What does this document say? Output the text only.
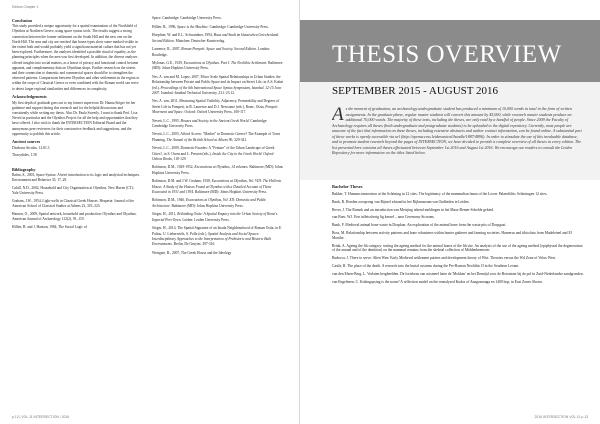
Editors Chapter 1

Conclusion

This study provided a unique opportunity for a spatial examination of the Northfield of Olynthos at Northern Greece, using space syntax tools. The results suggest a strong connection between the former settlement on the South Hill and the new one on the North Hill. The area and city are reached that house types show some marked visible in the extent both and would probably yield a significant material culture that has not yet been explored. Furthermore, the analyses identified a possible ritual of equality, as the planning principles when the area was first developed. In addition, the diverse analyses offered insights into social matters, as a house of privacy and functional control became apparent, and complementary data on Olynthian shops. Further research on the streets and their connection to domestic and commercial spaces should be to strengthen the observed patterns. Comparisons between Olynthos and other settlements in the region or within the scope of Classical Greece or even combined with the Roman world can serve to detect larger regional similarities and differences in complexity.

Acknowledgements

My first depth of gratitude goes out to my former supervisor Dr. Hanna Stöger for her guidance and support during this research and for the helpful discussions and consistently while writing my thesis. Also Dr. Paula Sweetly, I want to thank Prof. Lisa Nevett in particular and the Olynthos Project for all the help and opportunities that they have offered. I also wish to thank the INTERSECTION Editorial Board and the anonymous peer reviewers for their constructive feedback and suggestions, and the opportunity to publish this article.

Ancient sources

Diodorus Siculus, 12.81.3

Thucydides, 1.58

Bibliography

Bafna, S., 2003, Space Syntax: A brief introduction to its logic and analytical techniques. Environment and Behavior 35, 17–29.

Cahill, N.D., 2002, Household and City Organization at Olynthus. New Haven (CT): Yale University Press.

Graham, J.W., 1954, Light-wells in Classical Greek Houses. Hesperia: Journal of the American School of Classical Studies at Athens 23, 319–323.

Hansen, O., 2009, Spatial network, household and production: Olynthos and Olynthus. American Journal of Archaeology 112(2), 91–119.

Hillier, B. and J. Hanson, 1984, The Social Logic of

Space. Cambridge: Cambridge University Press.

Hillier, B., 1996, Space is the Machine. Cambridge: Cambridge University Press.

Hoepfner, W. and E.L. Schwandner, 1994, Haus und Stadt im klassischen Griechenland. Second Edition. München: Deutscher Kunstverlag.

Laurence, R., 2007, Roman Pompeii: Space and Society. Second Edition. London: Routledge.

Mylonas, G.E., 1929, Excavations at Olynthus. Part I. The Neolithic Settlement. Baltimore (MD): Johns Hopkins University Press.

Nes, A. van and M. Lopez, 2007, Micro Scale Spatial Relationships in Urban Studies: the Relationship between Private and Public Space and its Impact on Street Life, in A.S. Kubat (ed.), Proceedings of the 6th International Space Syntax Symposium, Istanbul, 12-15 June 2007. Istanbul: Istanbul Technical University, 23.1-23.12.

Nes, A. van, 2011, Measuring Spatial Visibility, Adjacency, Permeability and Degrees of Street Life in Pompeii, in R. Laurence and D.J. Newsome (eds.), Rome, Ostia, Pompeii: Movement and Space. Oxford: Oxford University Press, 100-117.

Nevett, L.C., 1995, Houses and Society in the Ancient Greek World. Cambridge: Cambridge University Press.

Nevett, L.C., 2005, Afford Access: "Market" in Domestic Greece? The Example of Town Planning, The Annual of the British School at Athens 90, 329-341.

Nevett, L.C., 2009, Domestic Facades: A "Feature" of the Urban Landscape of Greek Cities?, in S. Owen and L. Preston (eds.), Inside the City in the Greek World. Oxford: Oxbow Books, 118-129.

Robinson, D.M., 1929-1952, Excavations at Olynthus, 14 volumes. Baltimore (MD): Johns Hopkins University Press.

Robinson, D.M. and J.W. Graham, 1938, Excavations at Olynthus, Vol. VIII: The Hellenic House: A Study of the Houses Found at Olynthus with a Detailed Account of Those Excavated in 1931 and 1934. Baltimore (MD): Johns Hopkins University Press.

Robinson, D.M., 1946, Excavations at Olynthus, Vol. XII: Domestic and Public Architecture. Baltimore (MD): Johns Hopkins University Press.

Stöger, H., 2011, Rethinking Ostia: A Spatial Enquiry into the Urban Society of Rome's Imperial Port-Town. Leiden: Leiden University Press.

Stöger, H., 2014, The Spatial Signature of an Insula Neighbourhood of Roman Ostia, in E. Paliou, U. Lieberwirth, S. Polla (eds.), Spatial Analysis and Social Spaces: Interdisciplinary Approaches to the Interpretation of Prehistoric and Historic Built Environments. Berlin, De Gruyter, 297-316.

Westgate, R., 2007, The Greek House and the Ideology

p.12 | VOL.11 INTERSECTION / 2016
THESIS OVERVIEW
SEPTEMBER 2015 - AUGUST 2016

As the moment of graduation, an archaeology undergraduate student has produced a minimum of 10,000 words in total in the form of written assignments. In the graduate phase, regular master students will convert this amount by 45,000, while research master students produce an additional 70,000 words. The majority of these texts, including the theses, are only read by a handful of people. Since 2009 the Faculty of Archaeology requires all theses (both undergraduate and postgraduate students) to be uploaded to the digital repository. Currently, most people are unaware of the fact that information on these theses, including extensive abstracts and author contact information, can be found online. A substantial part of these works is openly accessible via url (http://openaccess.leidenuniv.nl/handle/1887/4896). In order to stimulate the use of this invaluable database, and to promote student research beyond the pages of INTERSECTION, we have decided to provide a complete overview of all theses in every edition. The list presented here contains all theses effectuated between September 1st 2016 and August 1st 2016. We encourage our readers to consult the Leiden Repository for more information on the titles listed below.

Bachelor Theses

Bakker, T. Humans immersion at the Schöning in 12 sites. The legitimacy of the mammalian fauna of the Lower Palaeolithic Schöningen 12 sites.

Bank, R. Hoeden oorsprong van Rijnsel afstand in het Rijkmuseum van Oudheden te Leiden.

Bever, J. The Romek and an introduction van Meisjing tekend meldingen in het Maas-Demer-Schelde gebied.

van Boer, W.I. Een tafleischerig lig kernel – naar Ceremony Sicarum.

Bunk, F. Medieval animal bone waste in Dorpkan. An exploration of the animal bone from the waste pits of Dorpgast.

Boss, M. Relationship between activity patterns and bone robustness within hunter gatherer and farming societies. Humerus and tibia data from Madeleinel and El Monthe.

Brink, A. Ageing the Ith category: testing the ageing method for the animal bones of the Ith site. An analysis of the use of the ageing method (epiphyseal the degeneration of the annual and of the dentition) on the mammal remains from the skeletal collection of Middenbeemster.

Budrova, J. There to serve: Alien Wen: Early Medieval settlement pattern and development theory of Wirt. Theories versus the Wd Zone of Velux West.

Castle, R. The place of the death. A research into the burial customs during the Pre-Roman Neolithic II in the Southern Levant.

van den Elzen-Berg, L. Verlaten bergbeelden. De fortekens van rotsmeel laten de 'Mokken' en het Demtijd voor de Betontour bij de pol in Zuid-Nederlandse zandgronden.

van Engelenen, C. Kokingspsing is the norm? A reflection model on the reanalysed Kudos of Anagosnanga en 1400 bop, in East Zones Shores.

2016 INTERSECTION VOL.11 p.13
